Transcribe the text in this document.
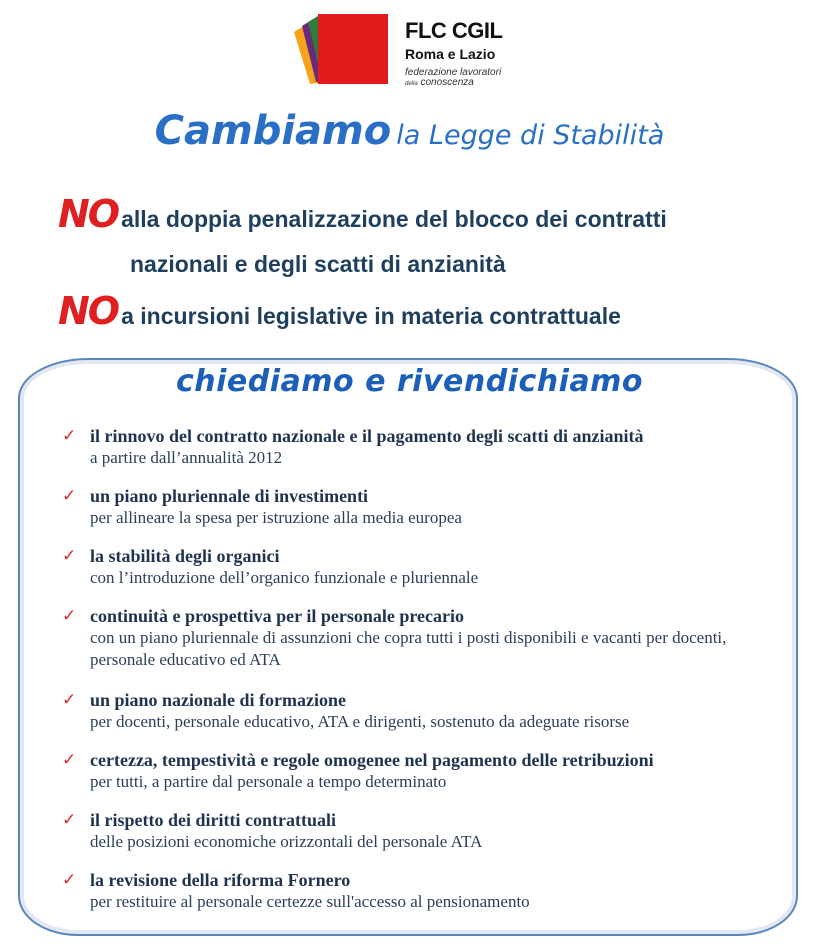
FLC CGIL
Roma e Lazio
federazione lavoratori
della conoscenza
Cambiamo la Legge di Stabilità
NO alla doppia penalizzazione del blocco dei contratti
nazionali e degli scatti di anzianità
NO a incursioni legislative in materia contrattuale
chiediamo e rivendichiamo
✓ il rinnovo del contratto nazionale e il pagamento degli scatti di anzianità
a partire dall’annualità 2012
✓ un piano pluriennale di investimenti
per allineare la spesa per istruzione alla media europea
✓ la stabilità degli organici
con l’introduzione dell’organico funzionale e pluriennale
✓ continuità e prospettiva per il personale precario
con un piano pluriennale di assunzioni che copra tutti i posti disponibili e vacanti per docenti, personale educativo ed ATA
✓ un piano nazionale di formazione
per docenti, personale educativo, ATA e dirigenti, sostenuto da adeguate risorse
✓ certezza, tempestività e regole omogenee nel pagamento delle retribuzioni
per tutti, a partire dal personale a tempo determinato
✓ il rispetto dei diritti contrattuali
delle posizioni economiche orizzontali del personale ATA
✓ la revisione della riforma Fornero
per restituire al personale certezze sull'accesso al pensionamento
